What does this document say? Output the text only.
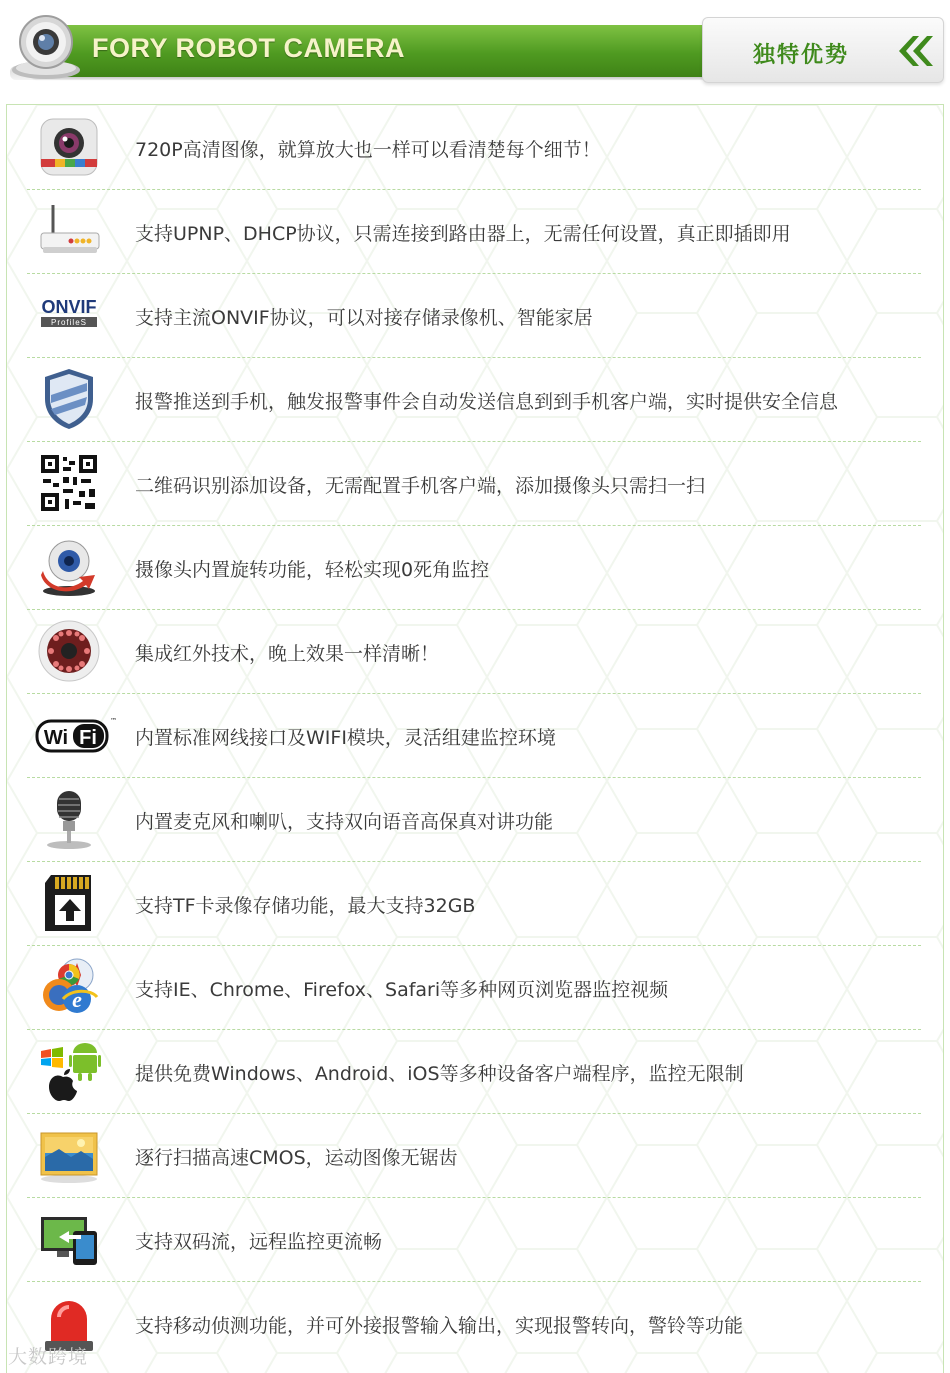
FORY ROBOT CAMERA	独特优势
720P高清图像，就算放大也一样可以看清楚每个细节！
支持UPNP、DHCP协议，只需连接到路由器上，无需任何设置，真正即插即用
ONVIF
ProfileS	支持主流ONVIF协议，可以对接存储录像机、智能家居
报警推送到手机，触发报警事件会自动发送信息到到手机客户端，实时提供安全信息
二维码识别添加设备，无需配置手机客户端，添加摄像头只需扫一扫
摄像头内置旋转功能，轻松实现0死角监控
集成红外技术，晚上效果一样清晰！
Wi Fi
™
内置标准网线接口及WIFI模块，灵活组建监控环境
内置麦克风和喇叭，支持双向语音高保真对讲功能
支持TF卡录像存储功能，最大支持32GB
e	支持IE、Chrome、Firefox、Safari等多种网页浏览器监控视频
提供免费Windows、Android、iOS等多种设备客户端程序，监控无限制
逐行扫描高速CMOS，运动图像无锯齿
支持双码流，远程监控更流畅
支持移动侦测功能，并可外接报警输入输出，实现报警转向，警铃等功能
大数跨境
